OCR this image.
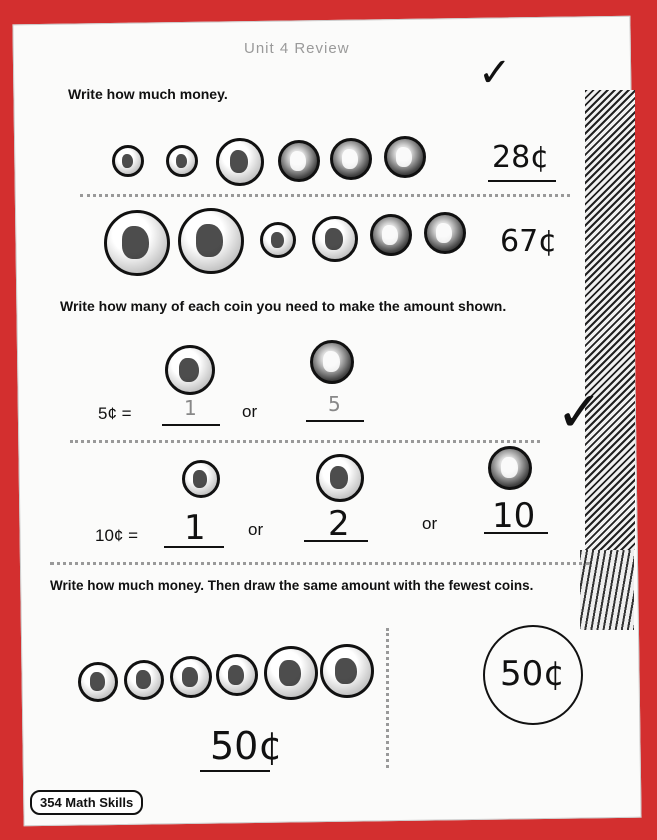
Unit 4 Review
✓
Write how much money.
28¢
67¢
Write how many of each coin you need to make the amount shown.
5¢ =	1	or	5	✓
10¢ = 1 or 2	or 10
Write how much money. Then draw the same amount with the fewest coins.
50¢
50¢
354 Math Skills
